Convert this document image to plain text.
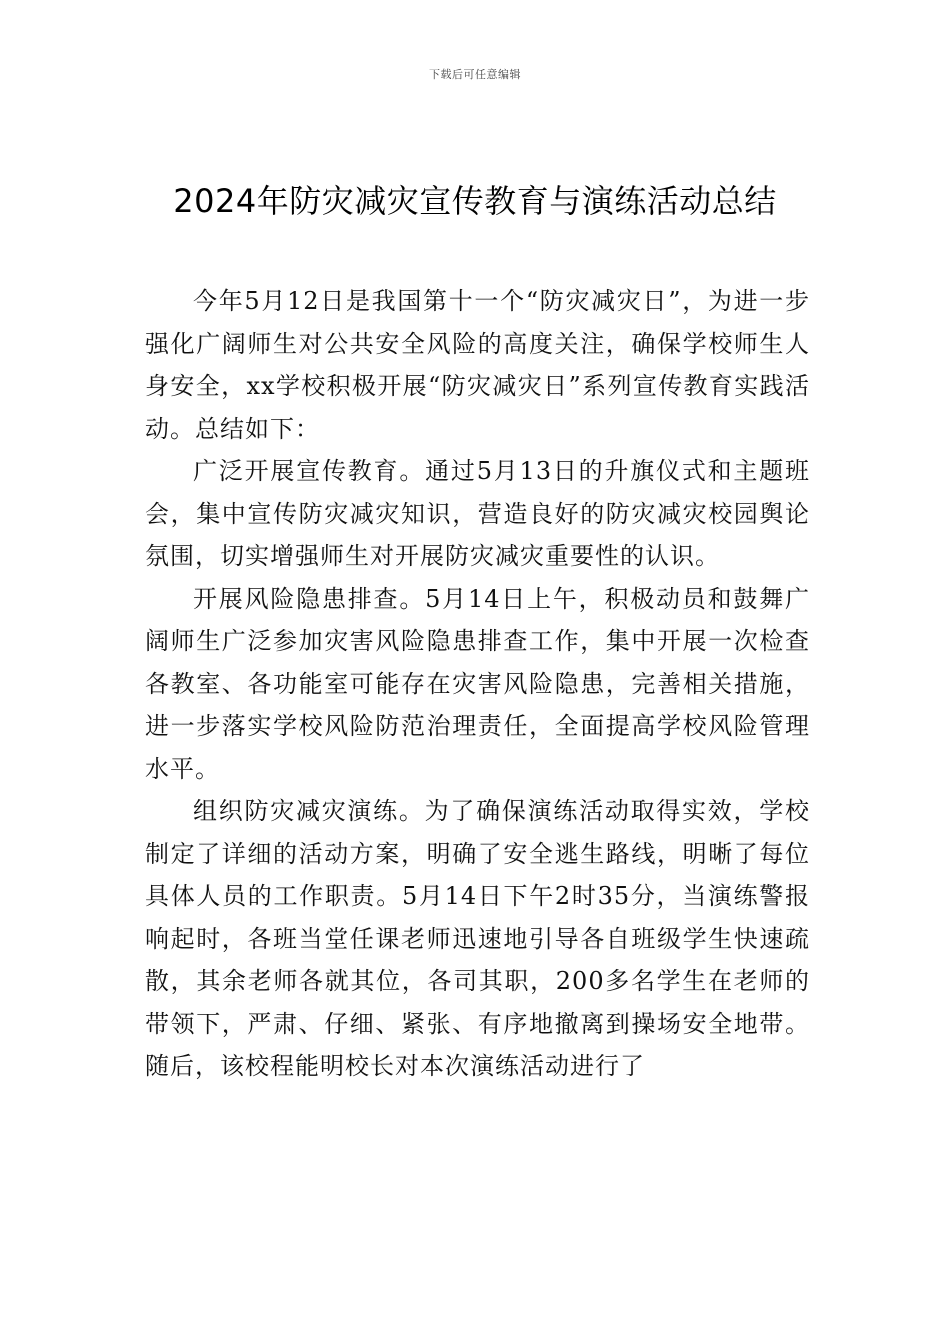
下载后可任意编辑
2024年防灾减灾宣传教育与演练活动总结

今年5月12日是我国第十一个“防灾减灾日”，为进一步强化广阔师生对公共安全风险的高度关注，确保学校师生人身安全，xx学校积极开展“防灾减灾日”系列宣传教育实践活动。总结如下：

广泛开展宣传教育。通过5月13日的升旗仪式和主题班会，集中宣传防灾减灾知识，营造良好的防灾减灾校园舆论氛围，切实增强师生对开展防灾减灾重要性的认识。

开展风险隐患排查。5月14日上午，积极动员和鼓舞广阔师生广泛参加灾害风险隐患排查工作，集中开展一次检查各教室、各功能室可能存在灾害风险隐患，完善相关措施，进一步落实学校风险防范治理责任，全面提高学校风险管理水平。

组织防灾减灾演练。为了确保演练活动取得实效，学校制定了详细的活动方案，明确了安全逃生路线，明晰了每位具体人员的工作职责。5月14日下午2时35分，当演练警报响起时，各班当堂任课老师迅速地引导各自班级学生快速疏散，其余老师各就其位，各司其职，200多名学生在老师的带领下，严肃、仔细、紧张、有序地撤离到操场安全地带。随后，该校程能明校长对本次演练活动进行了
